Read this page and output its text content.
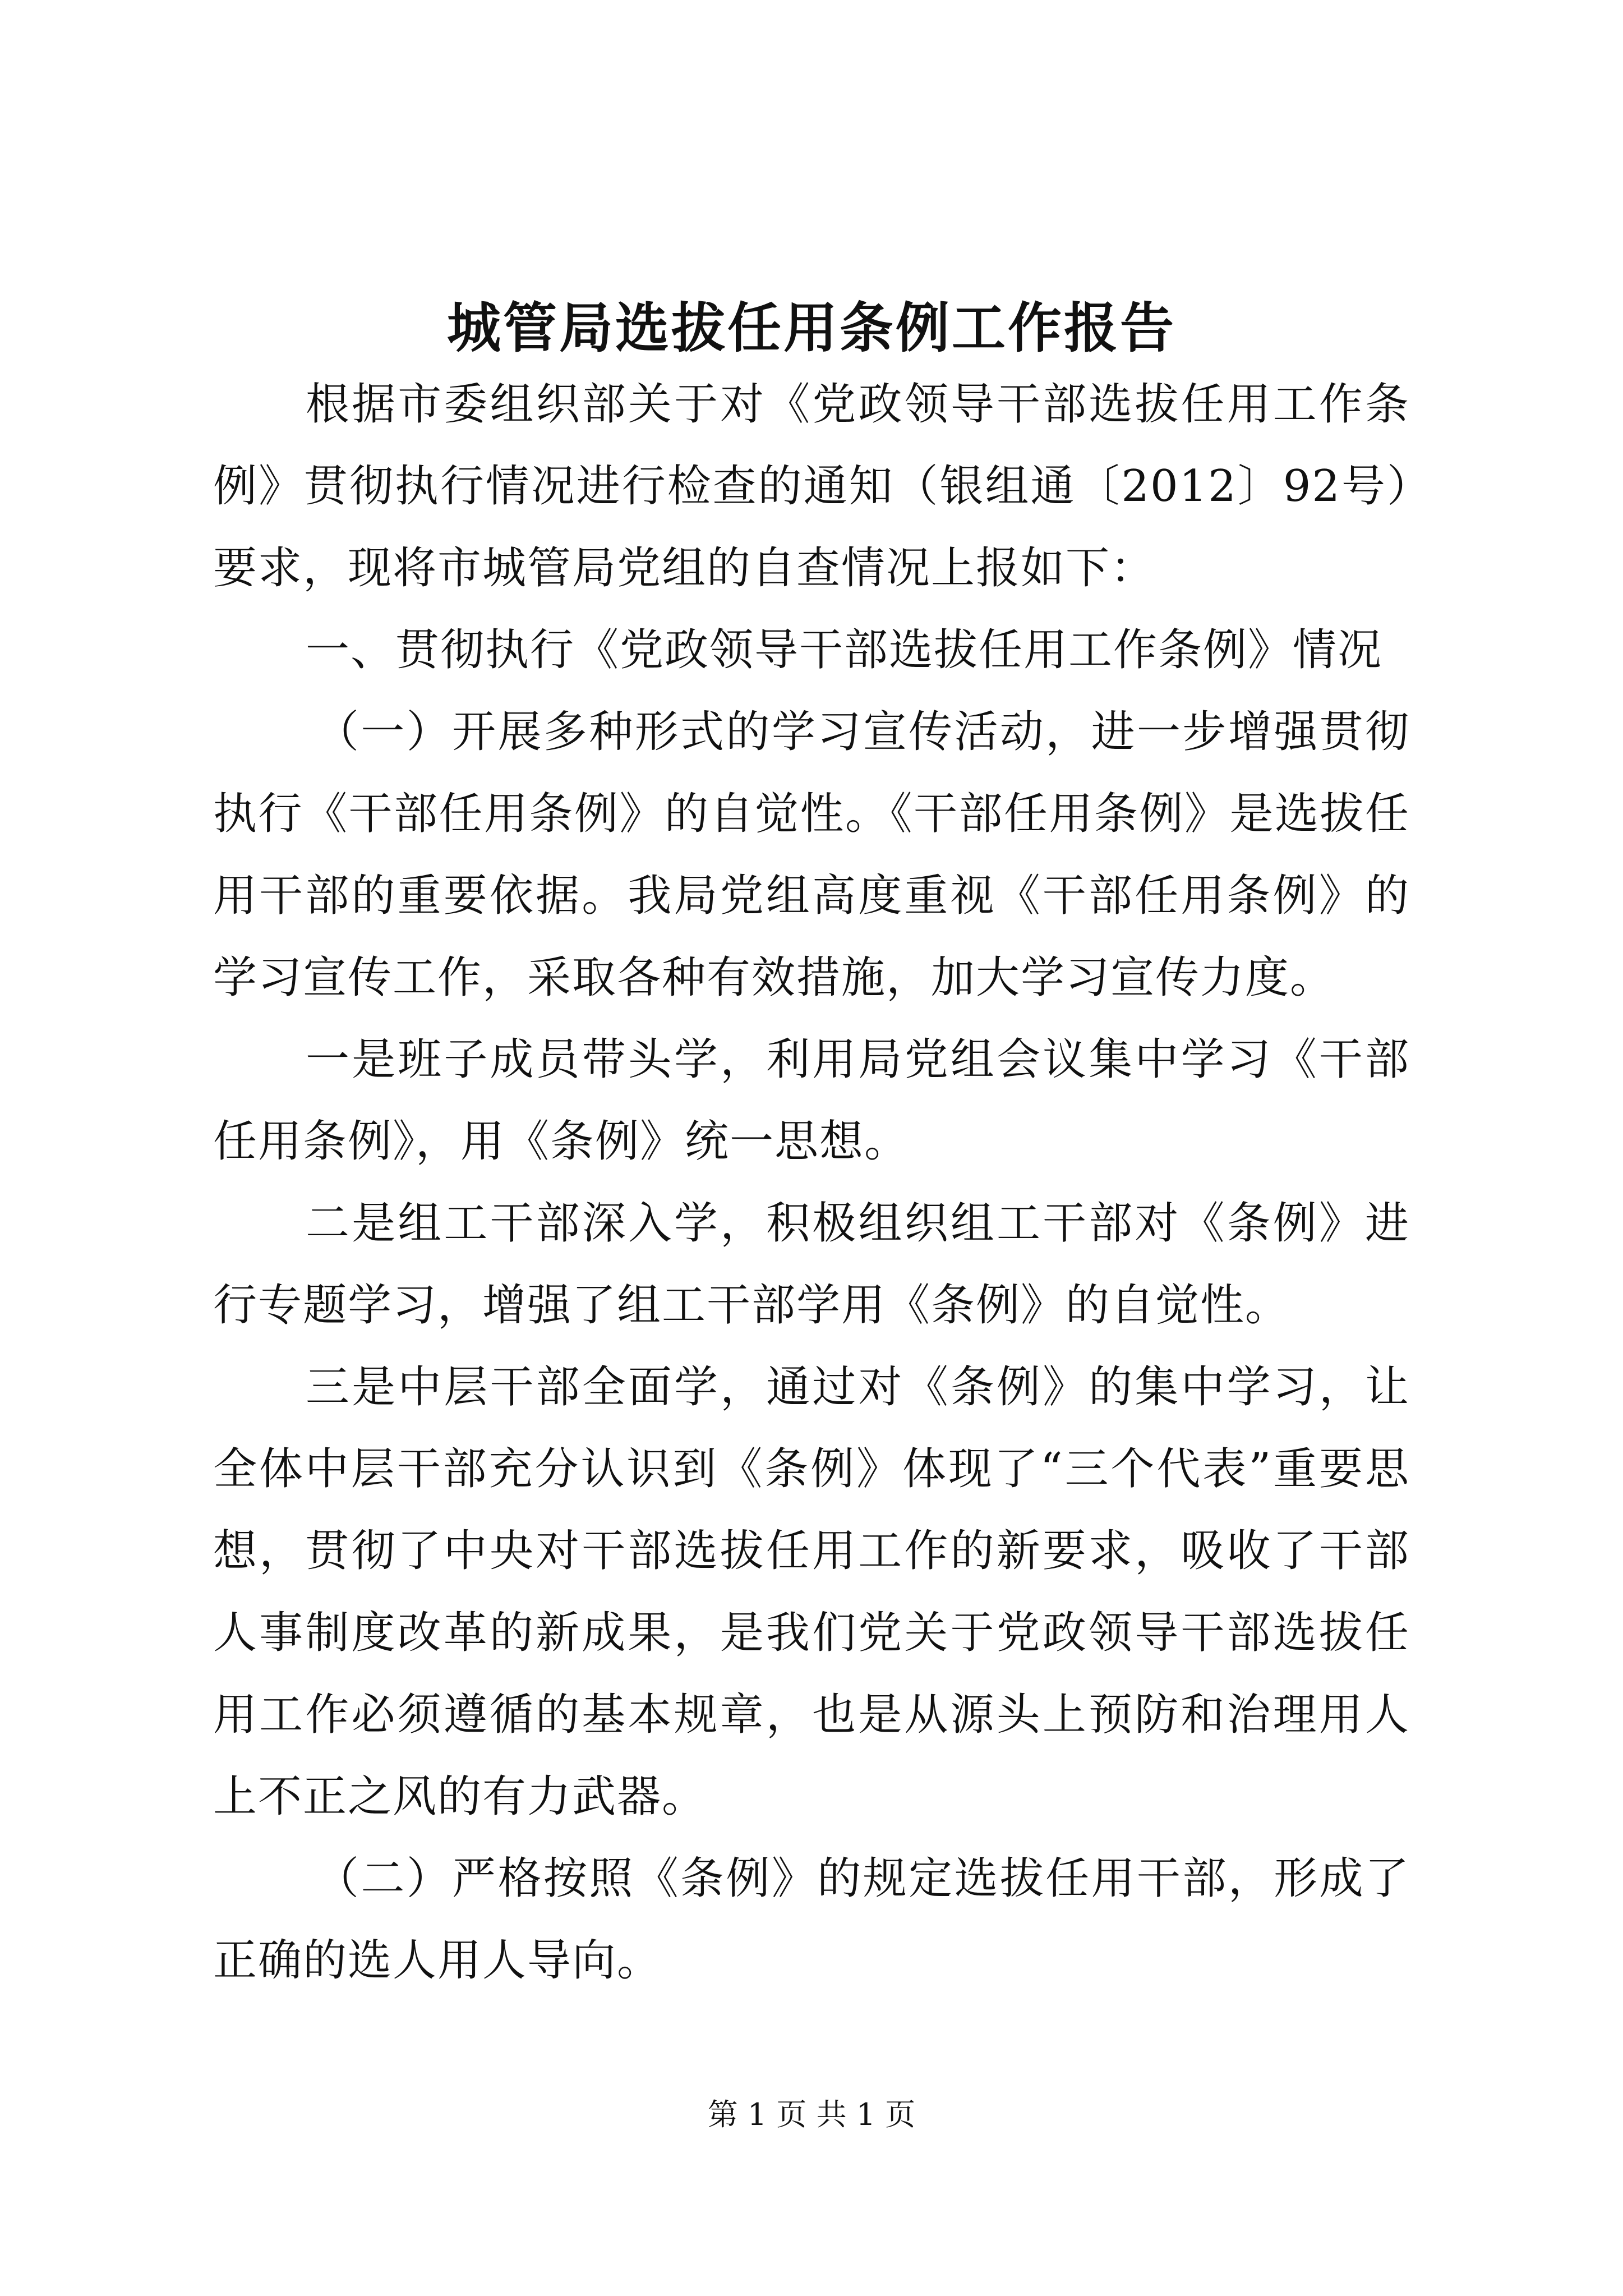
城管局选拔任用条例工作报告

根据市委组织部关于对《党政领导干部选拔任用工作条例》贯彻执行情况进行检查的通知（银组通〔2012〕92号）要求，现将市城管局党组的自查情况上报如下：

一、贯彻执行《党政领导干部选拔任用工作条例》情况

（一）开展多种形式的学习宣传活动，进一步增强贯彻执行《干部任用条例》的自觉性。《干部任用条例》是选拔任用干部的重要依据。我局党组高度重视《干部任用条例》的学习宣传工作，采取各种有效措施，加大学习宣传力度。

一是班子成员带头学，利用局党组会议集中学习《干部任用条例》，用《条例》统一思想。

二是组工干部深入学，积极组织组工干部对《条例》进行专题学习，增强了组工干部学用《条例》的自觉性。

三是中层干部全面学，通过对《条例》的集中学习，让全体中层干部充分认识到《条例》体现了“三个代表”重要思想，贯彻了中央对干部选拔任用工作的新要求，吸收了干部人事制度改革的新成果，是我们党关于党政领导干部选拔任用工作必须遵循的基本规章，也是从源头上预防和治理用人上不正之风的有力武器。

（二）严格按照《条例》的规定选拔任用干部，形成了正确的选人用人导向。

第 1 页 共 1 页
